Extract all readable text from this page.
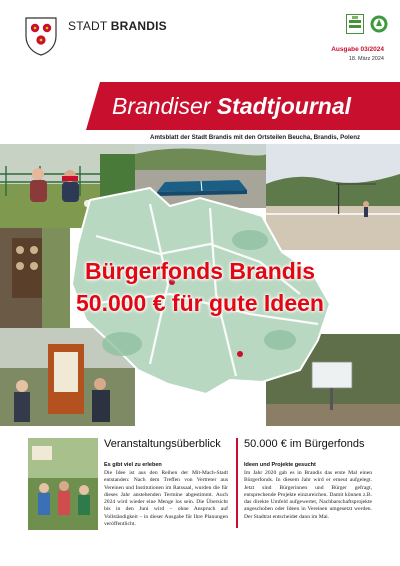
STADT BRANDIS
Ausgabe 03/2024
18. März 2024
Brandiser Stadtjournal
Amtsblatt der Stadt Brandis mit den Ortsteilen Beucha, Brandis, Polenz
Bürgerfonds Brandis
50.000 € für gute Ideen
Veranstaltungsüberblick
Es gibt viel zu erleben
Die Idee ist aus den Reihen der Mit-Mach-Stadt entstanden: Nach dem Treffen von Vertreter aus Vereinen und Institutionen im Ratssaal, wurden die für dieses Jahr anstehenden Termine abgestimmt. Auch 2024 wird wieder eine Menge los sein. Die Übersicht bis in den Juni wird – ohne Anspruch auf Vollständigkeit – in dieser Ausgabe für Ihre Planungen veröffentlicht.
50.000 € im Bürgerfonds
Ideen und Projekte gesucht
Im Jahr 2020 gab es in Brandis das erste Mal einen Bürgerfonds. In diesem Jahr wird er erneut aufgelegt. Jetzt sind Bürgerinnen und Bürger gefragt, entsprechende Projekte einzureichen. Damit können z.B. das direkte Umfeld aufgewertet, Nachbarschaftsprojekte angeschoben oder Ideen in Vereinen umgesetzt werden. Der Stadtrat entscheidet dann im Mai.
